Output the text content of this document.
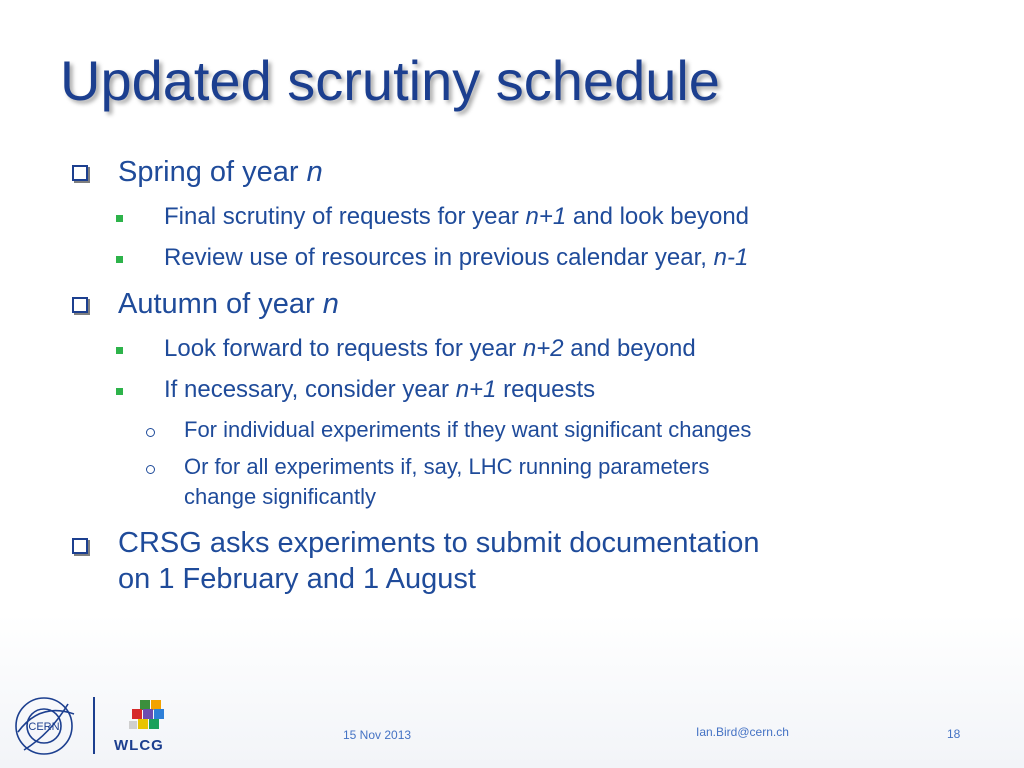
Updated scrutiny schedule
Spring of year n
Final scrutiny of requests for year n+1 and look beyond
Review use of resources in previous calendar year, n-1
Autumn of year n
Look forward to requests for year n+2 and beyond
If necessary, consider year n+1 requests
For individual experiments if they want significant changes
Or for all experiments if, say, LHC running parameters
change significantly
CRSG asks experiments to submit documentation
on 1 February and 1 August
CERN
WLCG
15 Nov 2013	Ian.Bird@cern.ch	18
